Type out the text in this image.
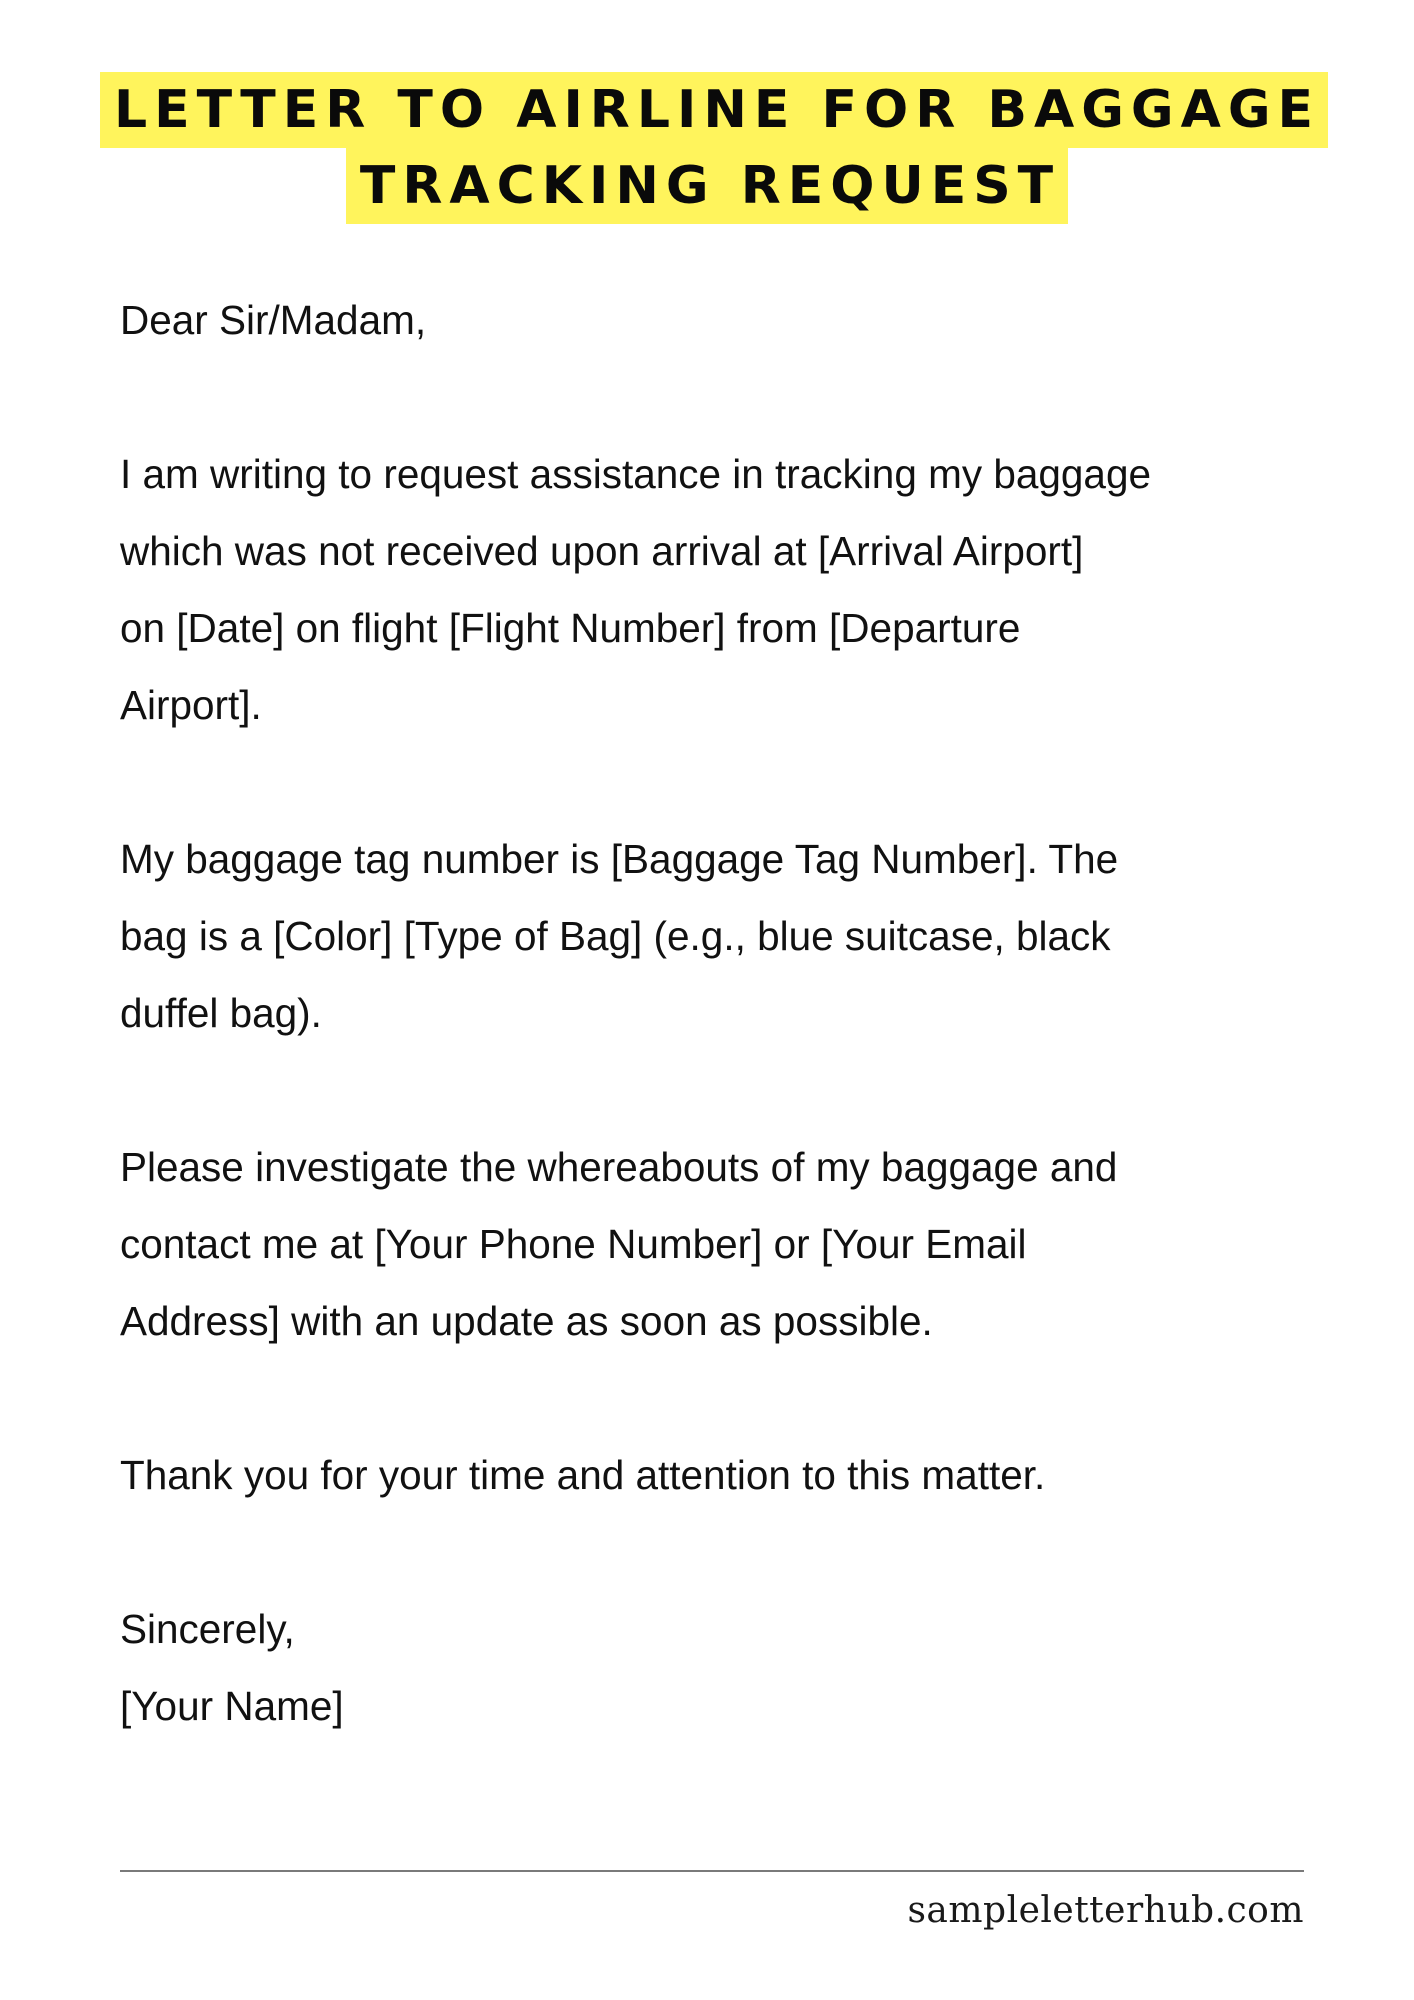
LETTER TO AIRLINE FOR BAGGAGE
TRACKING REQUEST

Dear Sir/Madam,

I am writing to request assistance in tracking my baggage

which was not received upon arrival at [Arrival Airport]

on [Date] on flight [Flight Number] from [Departure

Airport].

My baggage tag number is [Baggage Tag Number]. The

bag is a [Color] [Type of Bag] (e.g., blue suitcase, black

duffel bag).

Please investigate the whereabouts of my baggage and

contact me at [Your Phone Number] or [Your Email

Address] with an update as soon as possible.

Thank you for your time and attention to this matter.

Sincerely,

[Your Name]

sampleletterhub.com
